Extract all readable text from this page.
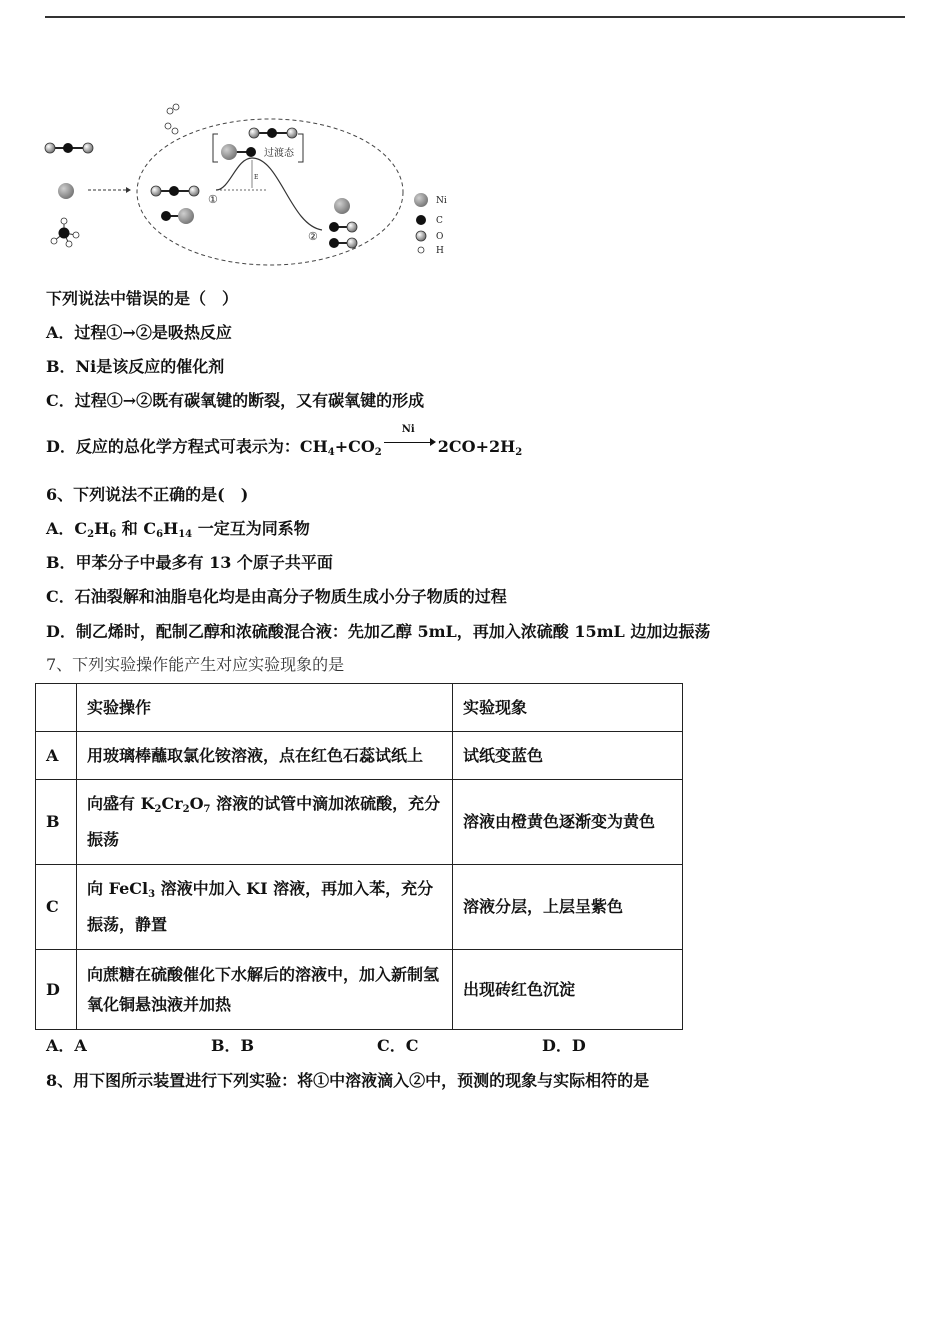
过渡态
E
①
②
Ni
C
O
H
下列说法中错误的是（　）
A．过程①→②是吸热反应
B．Ni是该反应的催化剂
C．过程①→②既有碳氧键的断裂，又有碳氧键的形成
D．反应的总化学方程式可表示为：$CH_4+CO_2$
Ni
$2CO+2H_2$
6、下列说法不正确的是(　)
A．$C_2H_6$ 和 $C_6H_{14}$ 一定互为同系物
B．甲苯分子中最多有 13 个原子共平面
C．石油裂解和油脂皂化均是由高分子物质生成小分子物质的过程
D．制乙烯时，配制乙醇和浓硫酸混合液：先加乙醇 5mL，再加入浓硫酸 15mL 边加边振荡
7、下列实验操作能产生对应实验现象的是
	实验操作	实验现象
A	用玻璃棒蘸取氯化铵溶液，点在红色石蕊试纸上	试纸变蓝色
B	向盛有 $K_2Cr_2O_7$ 溶液的试管中滴加浓硫酸，充分振荡	溶液由橙黄色逐渐变为黄色
C	向 FeCl$_3$ 溶液中加入 KI 溶液，再加入苯，充分振荡，静置	溶液分层，上层呈紫色
D	向蔗糖在硫酸催化下水解后的溶液中，加入新制氢氧化铜悬浊液并加热	出现砖红色沉淀
A．A	B．B	C．C	D．D
8、用下图所示装置进行下列实验：将①中溶液滴入②中，预测的现象与实际相符的是
